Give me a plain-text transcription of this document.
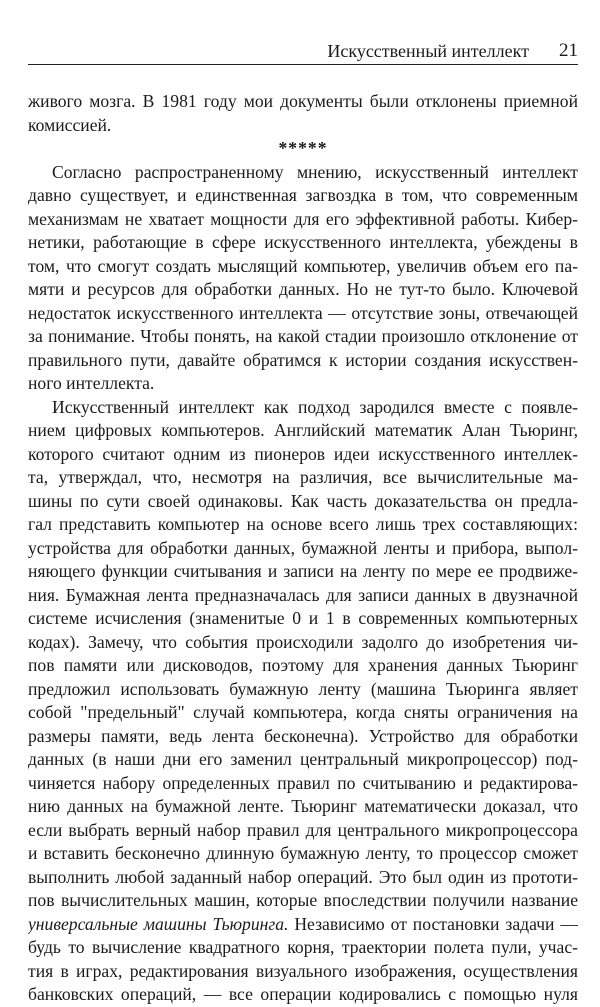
Искусственный интеллект 21
живого мозга. В 1981 году мои документы были отклонены приемной
комиссией.
*****
Согласно распространенному мнению, искусственный интеллект
давно существует, и единственная загвоздка в том, что современным
механизмам не хватает мощности для его эффективной работы. Кибер-
нетики, работающие в сфере искусственного интеллекта, убеждены в
том, что смогут создать мыслящий компьютер, увеличив объем его па-
мяти и ресурсов для обработки данных. Но не тут-то было. Ключевой
недостаток искусственного интеллекта — отсутствие зоны, отвечающей
за понимание. Чтобы понять, на какой стадии произошло отклонение от
правильного пути, давайте обратимся к истории создания искусствен-
ного интеллекта.
Искусственный интеллект как подход зародился вместе с появле-
нием цифровых компьютеров. Английский математик Алан Тьюринг,
которого считают одним из пионеров идеи искусственного интеллек-
та, утверждал, что, несмотря на различия, все вычислительные ма-
шины по сути своей одинаковы. Как часть доказательства он предла-
гал представить компьютер на основе всего лишь трех составляющих:
устройства для обработки данных, бумажной ленты и прибора, выпол-
няющего функции считывания и записи на ленту по мере ее продвиже-
ния. Бумажная лента предназначалась для записи данных в двузначной
системе исчисления (знаменитые 0 и 1 в современных компьютерных
кодах). Замечу, что события происходили задолго до изобретения чи-
пов памяти или дисководов, поэтому для хранения данных Тьюринг
предложил использовать бумажную ленту (машина Тьюринга являет
собой "предельный" случай компьютера, когда сняты ограничения на
размеры памяти, ведь лента бесконечна). Устройство для обработки
данных (в наши дни его заменил центральный микропроцессор) под-
чиняется набору определенных правил по считыванию и редактирова-
нию данных на бумажной ленте. Тьюринг математически доказал, что
если выбрать верный набор правил для центрального микропроцессора
и вставить бесконечно длинную бумажную ленту, то процессор сможет
выполнить любой заданный набор операций. Это был один из прототи-
пов вычислительных машин, которые впоследствии получили название
универсальные машины Тьюринга. Независимо от постановки задачи —
будь то вычисление квадратного корня, траектории полета пули, учас-
тия в играх, редактирования визуального изображения, осуществления
банковских операций, — все операции кодировались с помощью нуля
